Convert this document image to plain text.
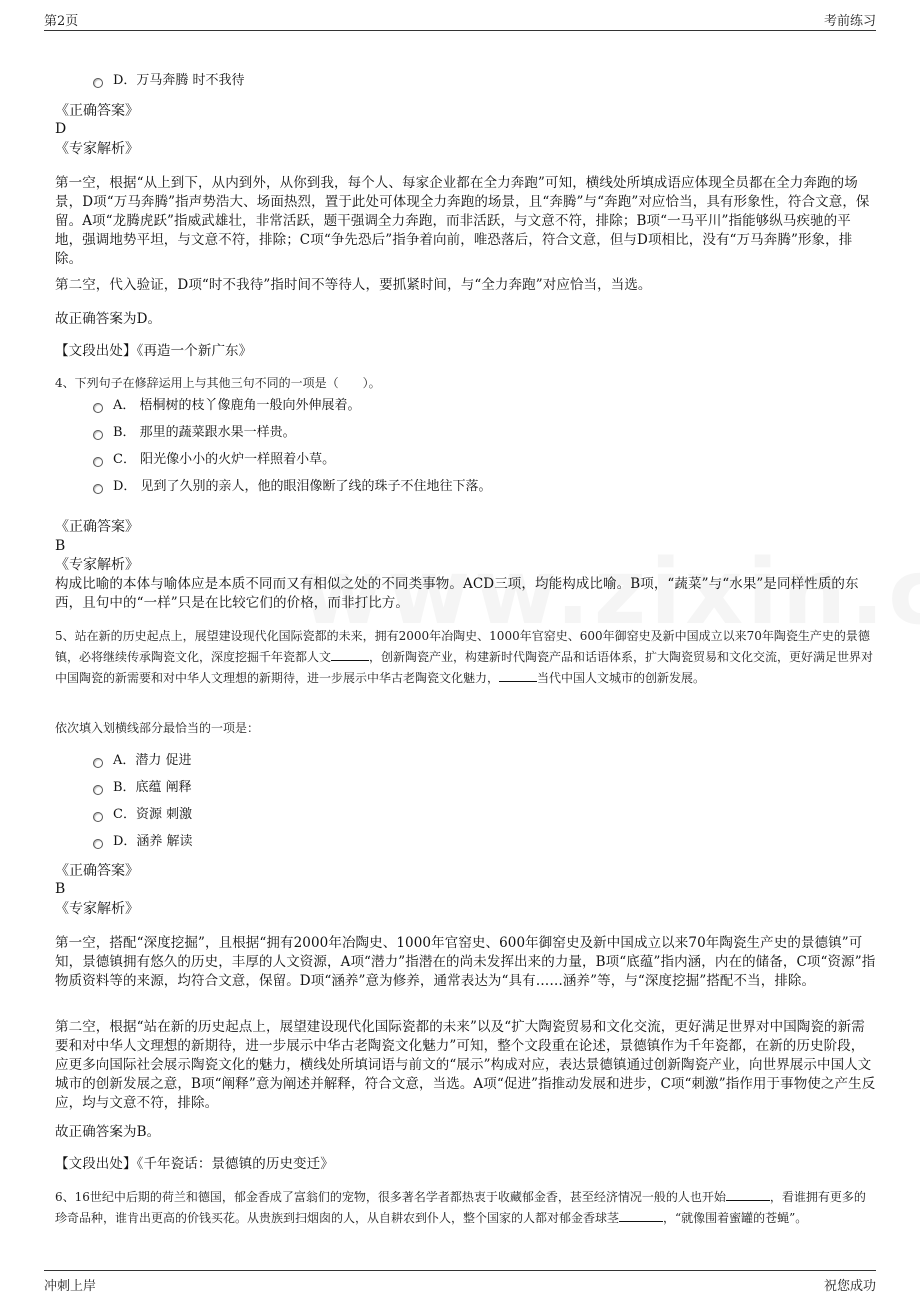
第2页	考前练习
D．万马奔腾 时不我待
《正确答案》
D
《专家解析》
第一空，根据“从上到下，从内到外，从你到我，每个人、每家企业都在全力奔跑”可知，横线处所填成语应体现全员都在全力奔跑的场景，D项“万马奔腾”指声势浩大、场面热烈，置于此处可体现全力奔跑的场景，且“奔腾”与“奔跑”对应恰当，具有形象性，符合文意，保留。A项“龙腾虎跃”指威武雄壮，非常活跃，题干强调全力奔跑，而非活跃，与文意不符，排除；B项“一马平川”指能够纵马疾驰的平地，强调地势平坦，与文意不符，排除；C项“争先恐后”指争着向前，唯恐落后，符合文意，但与D项相比，没有“万马奔腾”形象，排除。
第二空，代入验证，D项“时不我待”指时间不等待人，要抓紧时间，与“全力奔跑”对应恰当，当选。
故正确答案为D。
【文段出处】《再造一个新广东》
4、下列句子在修辞运用上与其他三句不同的一项是（　　）。
A． 梧桐树的枝丫像鹿角一般向外伸展着。
B． 那里的蔬菜跟水果一样贵。
C． 阳光像小小的火炉一样照着小草。
D． 见到了久别的亲人，他的眼泪像断了线的珠子不住地往下落。
《正确答案》
B
《专家解析》
构成比喻的本体与喻体应是本质不同而又有相似之处的不同类事物。ACD三项，均能构成比喻。B项，“蔬菜”与“水果”是同样性质的东西，且句中的“一样”只是在比较它们的价格，而非打比方。
5、站在新的历史起点上，展望建设现代化国际瓷都的未来，拥有2000年冶陶史、1000年官窑史、600年御窑史及新中国成立以来70年陶瓷生产史的景德镇，必将继续传承陶瓷文化，深度挖掘千年瓷都人文	，创新陶瓷产业，构建新时代陶瓷产品和话语体系，扩大陶瓷贸易和文化交流，更好满足世界对中国陶瓷的新需要和对中华人文理想的新期待，进一步展示中华古老陶瓷文化魅力，	当代中国人文城市的创新发展。
依次填入划横线部分最恰当的一项是：
A．潜力 促进
B．底蕴 阐释
C．资源 刺激
D．涵养 解读
《正确答案》
B
《专家解析》
第一空，搭配“深度挖掘”，且根据“拥有2000年冶陶史、1000年官窑史、600年御窑史及新中国成立以来70年陶瓷生产史的景德镇”可知，景德镇拥有悠久的历史，丰厚的人文资源，A项“潜力”指潜在的尚未发挥出来的力量，B项“底蕴”指内涵，内在的储备，C项“资源”指物质资料等的来源，均符合文意，保留。D项“涵养”意为修养，通常表达为“具有……涵养”等，与“深度挖掘”搭配不当，排除。
第二空，根据“站在新的历史起点上，展望建设现代化国际瓷都的未来”以及“扩大陶瓷贸易和文化交流，更好满足世界对中国陶瓷的新需要和对中华人文理想的新期待，进一步展示中华古老陶瓷文化魅力”可知，整个文段重在论述，景德镇作为千年瓷都，在新的历史阶段，应更多向国际社会展示陶瓷文化的魅力，横线处所填词语与前文的“展示”构成对应，表达景德镇通过创新陶瓷产业，向世界展示中国人文城市的创新发展之意，B项“阐释”意为阐述并解释，符合文意，当选。A项“促进”指推动发展和进步，C项“刺激”指作用于事物使之产生反应，均与文意不符，排除。
故正确答案为B。
【文段出处】《千年瓷话：景德镇的历史变迁》
6、16世纪中后期的荷兰和德国，郁金香成了富翁们的宠物，很多著名学者都热衷于收藏郁金香，甚至经济情况一般的人也开始	，看谁拥有更多的珍奇品种，谁肯出更高的价钱买花。从贵族到扫烟囱的人，从自耕农到仆人，整个国家的人都对郁金香球茎	，“就像围着蜜罐的苍蝇”。
冲刺上岸	祝您成功
